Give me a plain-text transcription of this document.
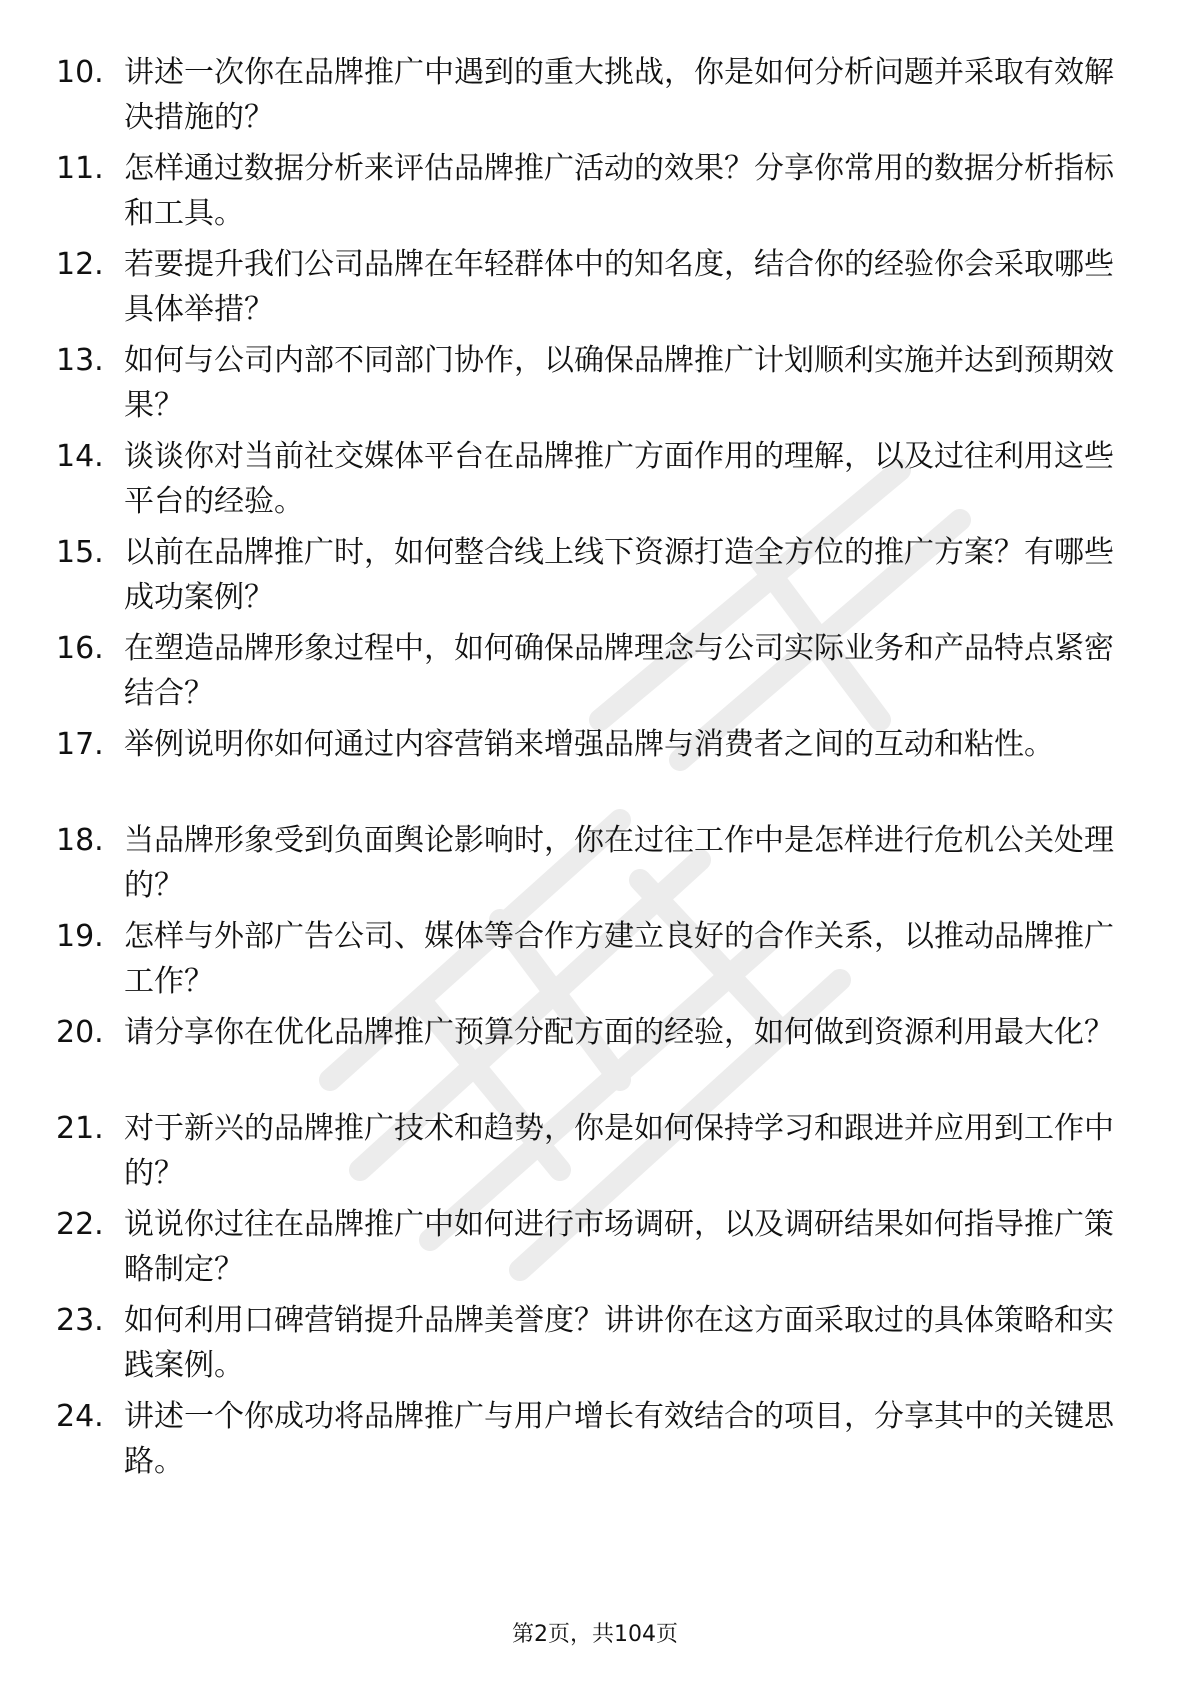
10. 讲述一次你在品牌推广中遇到的重大挑战，你是如何分析问题并采取有效解决措施的？
11. 怎样通过数据分析来评估品牌推广活动的效果？分享你常用的数据分析指标和工具。
12. 若要提升我们公司品牌在年轻群体中的知名度，结合你的经验你会采取哪些具体举措？
13. 如何与公司内部不同部门协作，以确保品牌推广计划顺利实施并达到预期效果？
14. 谈谈你对当前社交媒体平台在品牌推广方面作用的理解，以及过往利用这些平台的经验。
15. 以前在品牌推广时，如何整合线上线下资源打造全方位的推广方案？有哪些成功案例？
16. 在塑造品牌形象过程中，如何确保品牌理念与公司实际业务和产品特点紧密结合？
17. 举例说明你如何通过内容营销来增强品牌与消费者之间的互动和粘性。
18. 当品牌形象受到负面舆论影响时，你在过往工作中是怎样进行危机公关处理的？
19. 怎样与外部广告公司、媒体等合作方建立良好的合作关系，以推动品牌推广工作？
20. 请分享你在优化品牌推广预算分配方面的经验，如何做到资源利用最大化？
21. 对于新兴的品牌推广技术和趋势，你是如何保持学习和跟进并应用到工作中的？
22. 说说你过往在品牌推广中如何进行市场调研，以及调研结果如何指导推广策略制定？
23. 如何利用口碑营销提升品牌美誉度？讲讲你在这方面采取过的具体策略和实践案例。
24. 讲述一个你成功将品牌推广与用户增长有效结合的项目，分享其中的关键思路。
第2页，共104页
